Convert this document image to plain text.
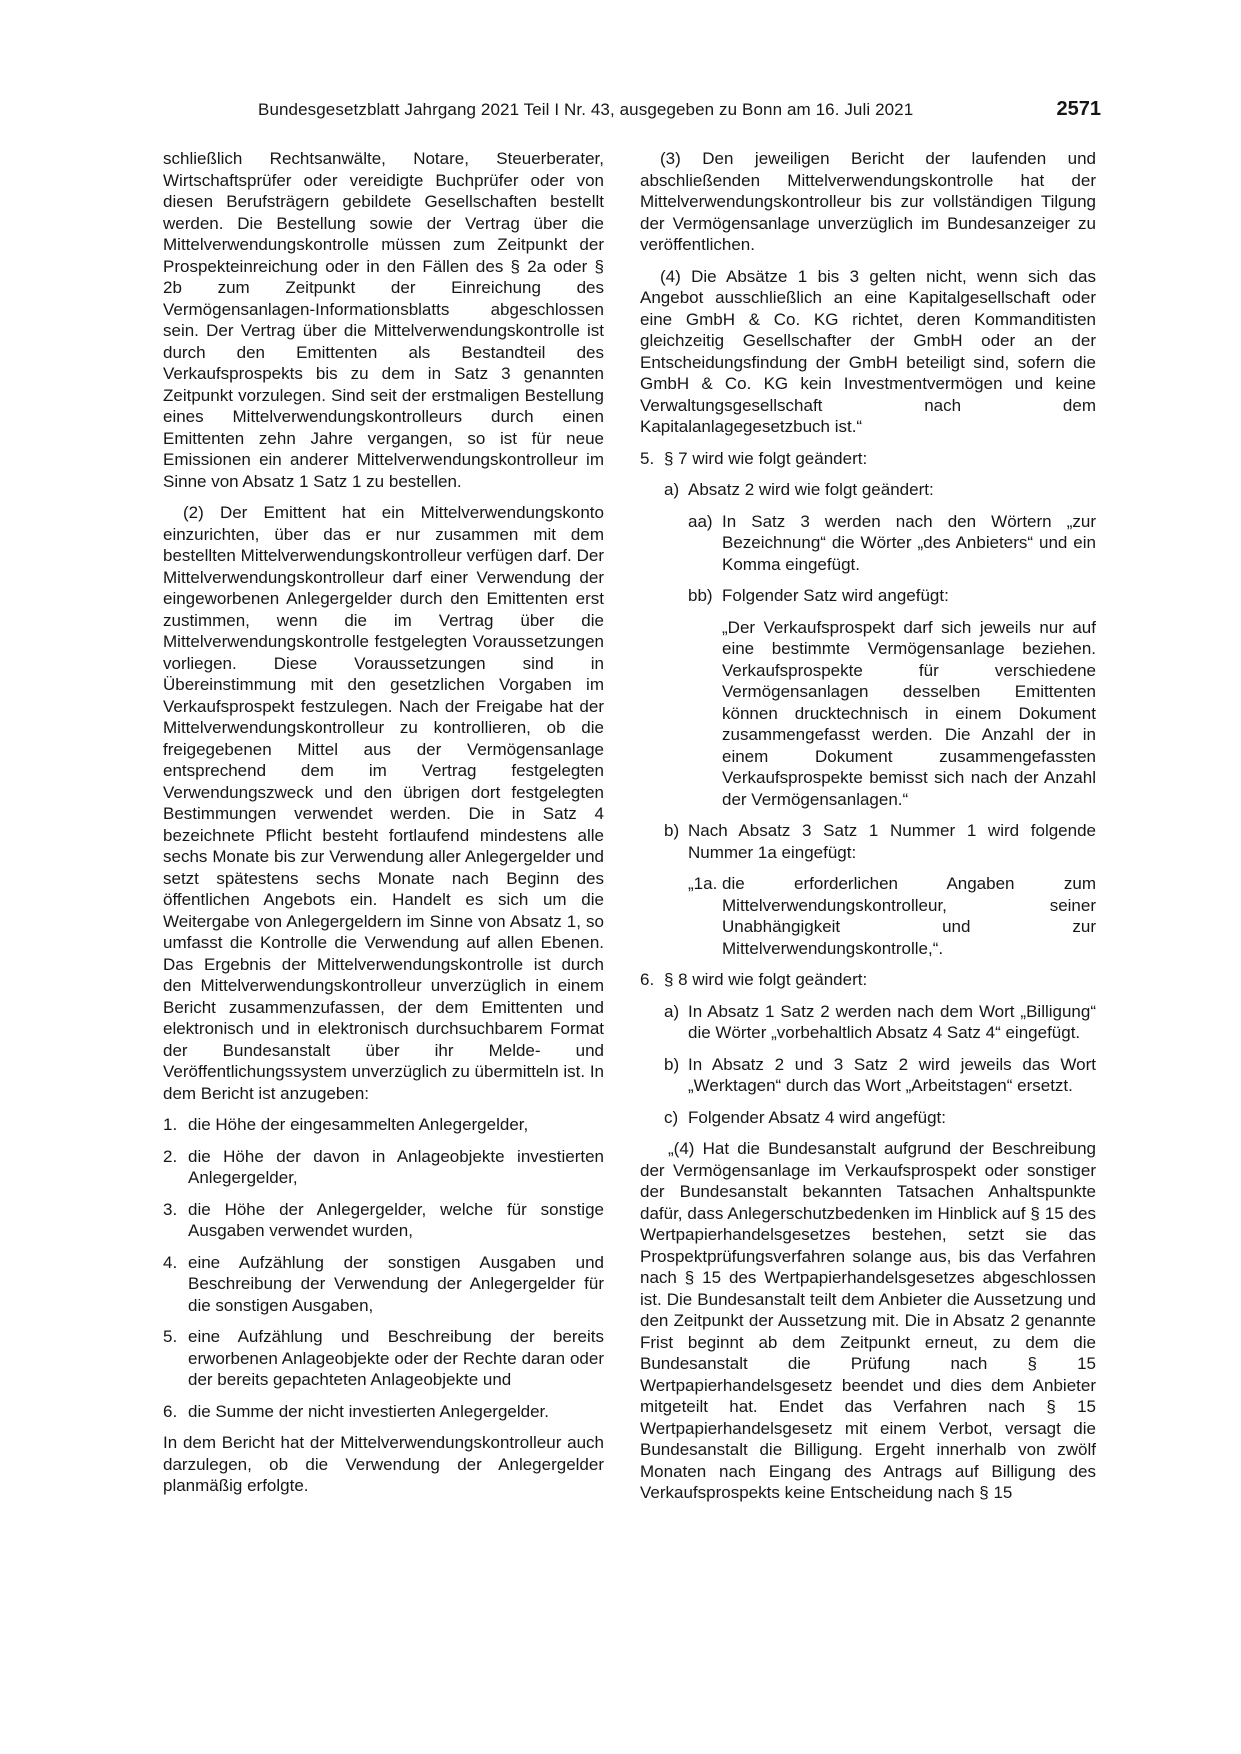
Bundesgesetzblatt Jahrgang 2021 Teil I Nr. 43, ausgegeben zu Bonn am 16. Juli 2021	2571

schließlich Rechtsanwälte, Notare, Steuerberater, Wirtschaftsprüfer oder vereidigte Buchprüfer oder von diesen Berufsträgern gebildete Gesellschaften bestellt werden. Die Bestellung sowie der Vertrag über die Mittelverwendungskontrolle müssen zum Zeitpunkt der Prospekteinreichung oder in den Fällen des § 2a oder § 2b zum Zeitpunkt der Einreichung des Vermögensanlagen-Informationsblatts abgeschlossen sein. Der Vertrag über die Mittelverwendungskontrolle ist durch den Emittenten als Bestandteil des Verkaufsprospekts bis zu dem in Satz 3 genannten Zeitpunkt vorzulegen. Sind seit der erstmaligen Bestellung eines Mittelverwendungskontrolleurs durch einen Emittenten zehn Jahre vergangen, so ist für neue Emissionen ein anderer Mittelverwendungskontrolleur im Sinne von Absatz 1 Satz 1 zu bestellen.

(2) Der Emittent hat ein Mittelverwendungskonto einzurichten, über das er nur zusammen mit dem bestellten Mittelverwendungskontrolleur verfügen darf. Der Mittelverwendungskontrolleur darf einer Verwendung der eingeworbenen Anlegergelder durch den Emittenten erst zustimmen, wenn die im Vertrag über die Mittelverwendungskontrolle festgelegten Voraussetzungen vorliegen. Diese Voraussetzungen sind in Übereinstimmung mit den gesetzlichen Vorgaben im Verkaufsprospekt festzulegen. Nach der Freigabe hat der Mittelverwendungskontrolleur zu kontrollieren, ob die freigegebenen Mittel aus der Vermögensanlage entsprechend dem im Vertrag festgelegten Verwendungszweck und den übrigen dort festgelegten Bestimmungen verwendet werden. Die in Satz 4 bezeichnete Pflicht besteht fortlaufend mindestens alle sechs Monate bis zur Verwendung aller Anlegergelder und setzt spätestens sechs Monate nach Beginn des öffentlichen Angebots ein. Handelt es sich um die Weitergabe von Anlegergeldern im Sinne von Absatz 1, so umfasst die Kontrolle die Verwendung auf allen Ebenen. Das Ergebnis der Mittelverwendungskontrolle ist durch den Mittelverwendungskontrolleur unverzüglich in einem Bericht zusammenzufassen, der dem Emittenten und elektronisch und in elektronisch durchsuchbarem Format der Bundesanstalt über ihr Melde- und Veröffentlichungssystem unverzüglich zu übermitteln ist. In dem Bericht ist anzugeben:

1. die Höhe der eingesammelten Anlegergelder,
2. die Höhe der davon in Anlageobjekte investierten Anlegergelder,
3. die Höhe der Anlegergelder, welche für sonstige Ausgaben verwendet wurden,
4. eine Aufzählung der sonstigen Ausgaben und Beschreibung der Verwendung der Anlegergelder für die sonstigen Ausgaben,
5. eine Aufzählung und Beschreibung der bereits erworbenen Anlageobjekte oder der Rechte daran oder der bereits gepachteten Anlageobjekte und
6. die Summe der nicht investierten Anlegergelder.

In dem Bericht hat der Mittelverwendungskontrolleur auch darzulegen, ob die Verwendung der Anlegergelder planmäßig erfolgte.

(3) Den jeweiligen Bericht der laufenden und abschließenden Mittelverwendungskontrolle hat der Mittelverwendungskontrolleur bis zur vollständigen Tilgung der Vermögensanlage unverzüglich im Bundesanzeiger zu veröffentlichen.

(4) Die Absätze 1 bis 3 gelten nicht, wenn sich das Angebot ausschließlich an eine Kapitalgesellschaft oder eine GmbH & Co. KG richtet, deren Kommanditisten gleichzeitig Gesellschafter der GmbH oder an der Entscheidungsfindung der GmbH beteiligt sind, sofern die GmbH & Co. KG kein Investmentvermögen und keine Verwaltungsgesellschaft nach dem Kapitalanlagegesetzbuch ist.“

5. § 7 wird wie folgt geändert:
a) Absatz 2 wird wie folgt geändert:
aa) In Satz 3 werden nach den Wörtern „zur Bezeichnung“ die Wörter „des Anbieters“ und ein Komma eingefügt.
bb) Folgender Satz wird angefügt:

„Der Verkaufsprospekt darf sich jeweils nur auf eine bestimmte Vermögensanlage beziehen. Verkaufsprospekte für verschiedene Vermögensanlagen desselben Emittenten können drucktechnisch in einem Dokument zusammengefasst werden. Die Anzahl der in einem Dokument zusammengefassten Verkaufsprospekte bemisst sich nach der Anzahl der Vermögensanlagen.“

b) Nach Absatz 3 Satz 1 Nummer 1 wird folgende Nummer 1a eingefügt:
„1a. die erforderlichen Angaben zum Mittelverwendungskontrolleur, seiner Unabhängigkeit und zur Mittelverwendungskontrolle,“.
6. § 8 wird wie folgt geändert:
a) In Absatz 1 Satz 2 werden nach dem Wort „Billigung“ die Wörter „vorbehaltlich Absatz 4 Satz 4“ eingefügt.
b) In Absatz 2 und 3 Satz 2 wird jeweils das Wort „Werktagen“ durch das Wort „Arbeitstagen“ ersetzt.
c) Folgender Absatz 4 wird angefügt:

„(4) Hat die Bundesanstalt aufgrund der Beschreibung der Vermögensanlage im Verkaufsprospekt oder sonstiger der Bundesanstalt bekannten Tatsachen Anhaltspunkte dafür, dass Anlegerschutzbedenken im Hinblick auf § 15 des Wertpapierhandelsgesetzes bestehen, setzt sie das Prospektprüfungsverfahren solange aus, bis das Verfahren nach § 15 des Wertpapierhandelsgesetzes abgeschlossen ist. Die Bundesanstalt teilt dem Anbieter die Aussetzung und den Zeitpunkt der Aussetzung mit. Die in Absatz 2 genannte Frist beginnt ab dem Zeitpunkt erneut, zu dem die Bundesanstalt die Prüfung nach § 15 Wertpapierhandelsgesetz beendet und dies dem Anbieter mitgeteilt hat. Endet das Verfahren nach § 15 Wertpapierhandelsgesetz mit einem Verbot, versagt die Bundesanstalt die Billigung. Ergeht innerhalb von zwölf Monaten nach Eingang des Antrags auf Billigung des Verkaufsprospekts keine Entscheidung nach § 15
